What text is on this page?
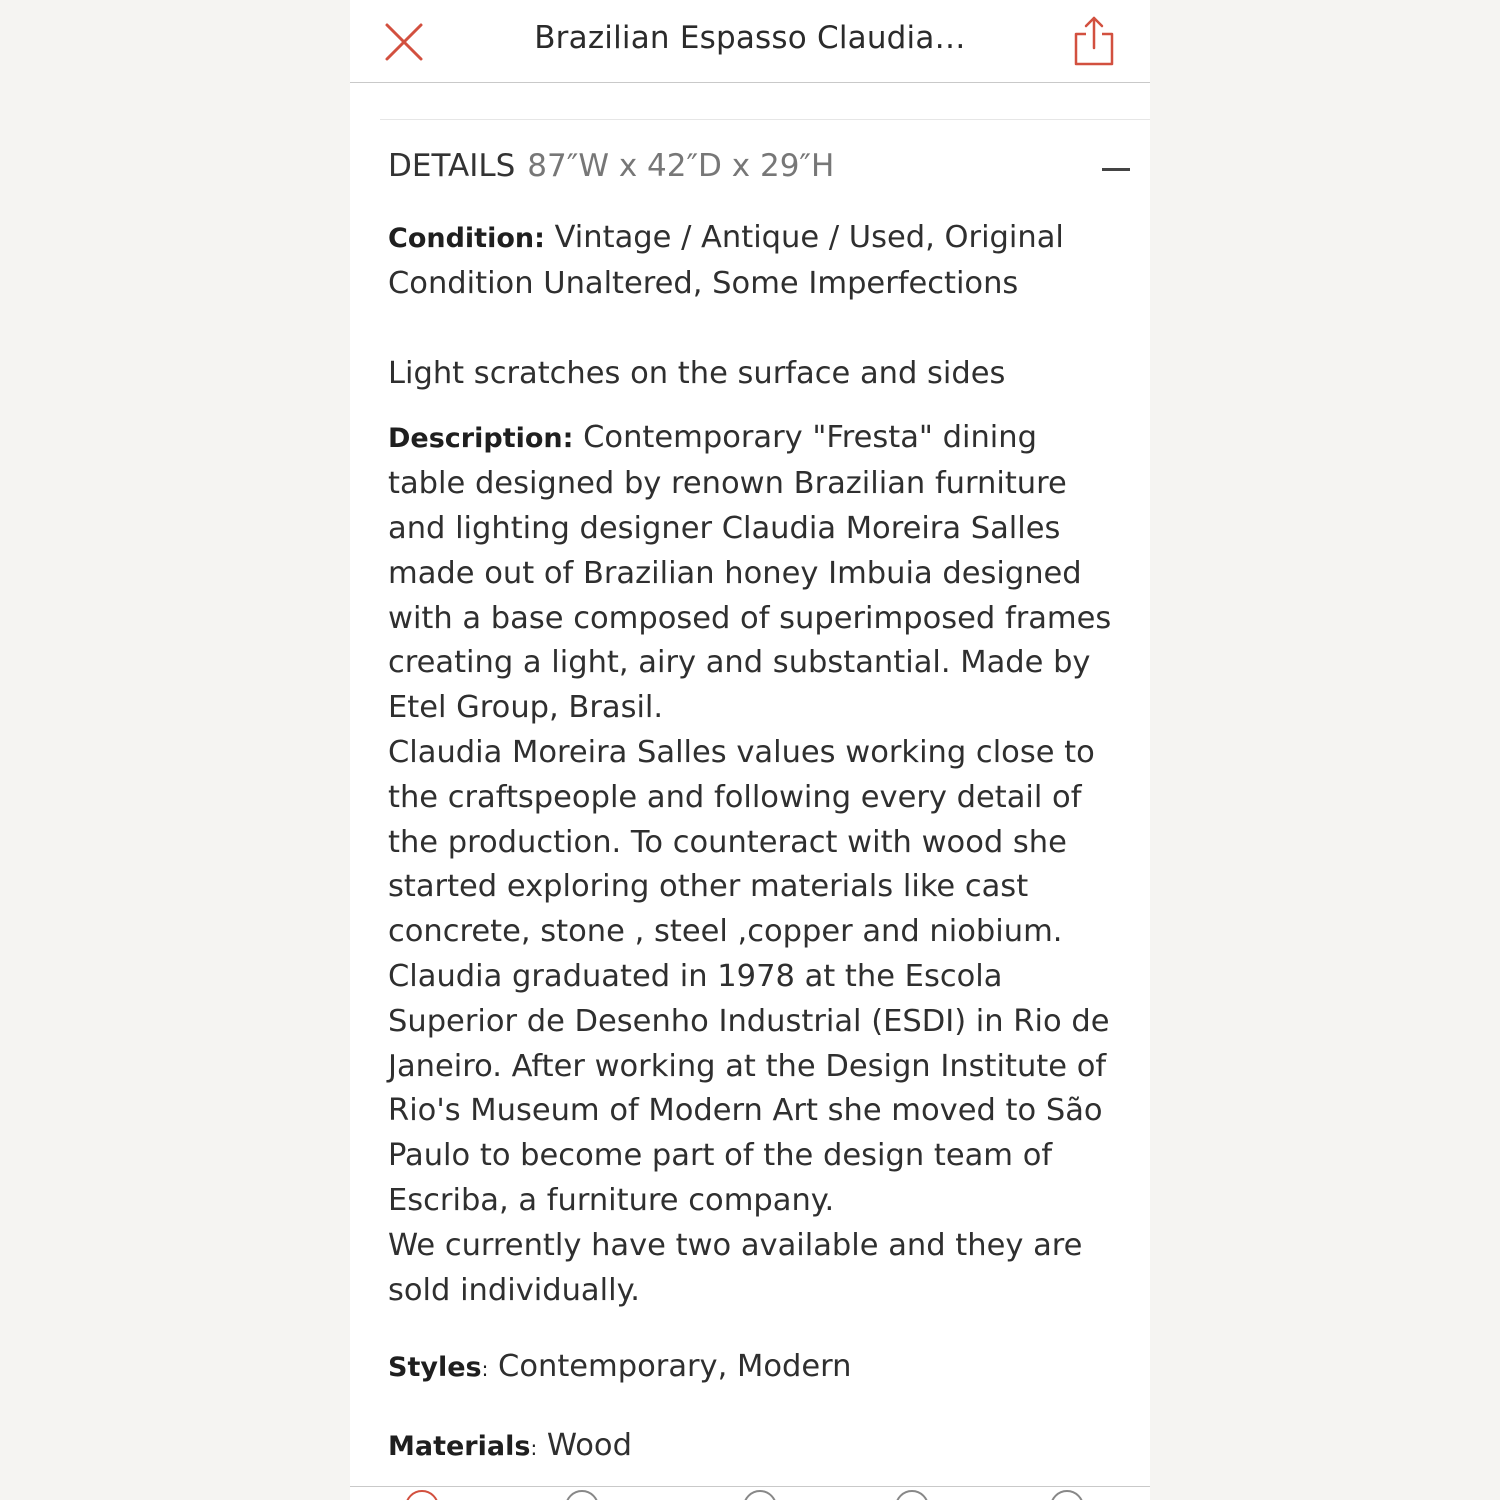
Brazilian Espasso Claudia…
DETAILS 87″W x 42″D x 29″H

Condition: Vintage / Antique / Used, Original Condition Unaltered, Some Imperfections

Light scratches on the surface and sides

Description: Contemporary "Fresta" dining table designed by renown Brazilian furniture and lighting designer Claudia Moreira Salles made out of Brazilian honey Imbuia designed with a base composed of superimposed frames creating a light, airy and substantial. Made by Etel Group, Brasil.

Claudia Moreira Salles values working close to the craftspeople and following every detail of the production. To counteract with wood she started exploring other materials like cast concrete, stone , steel ,copper and niobium.

Claudia graduated in 1978 at the Escola Superior de Desenho Industrial (ESDI) in Rio de Janeiro. After working at the Design Institute of Rio's Museum of Modern Art she moved to São Paulo to become part of the design team of Escriba, a furniture company.

We currently have two available and they are sold individually.

Styles: Contemporary, Modern

Materials: Wood
